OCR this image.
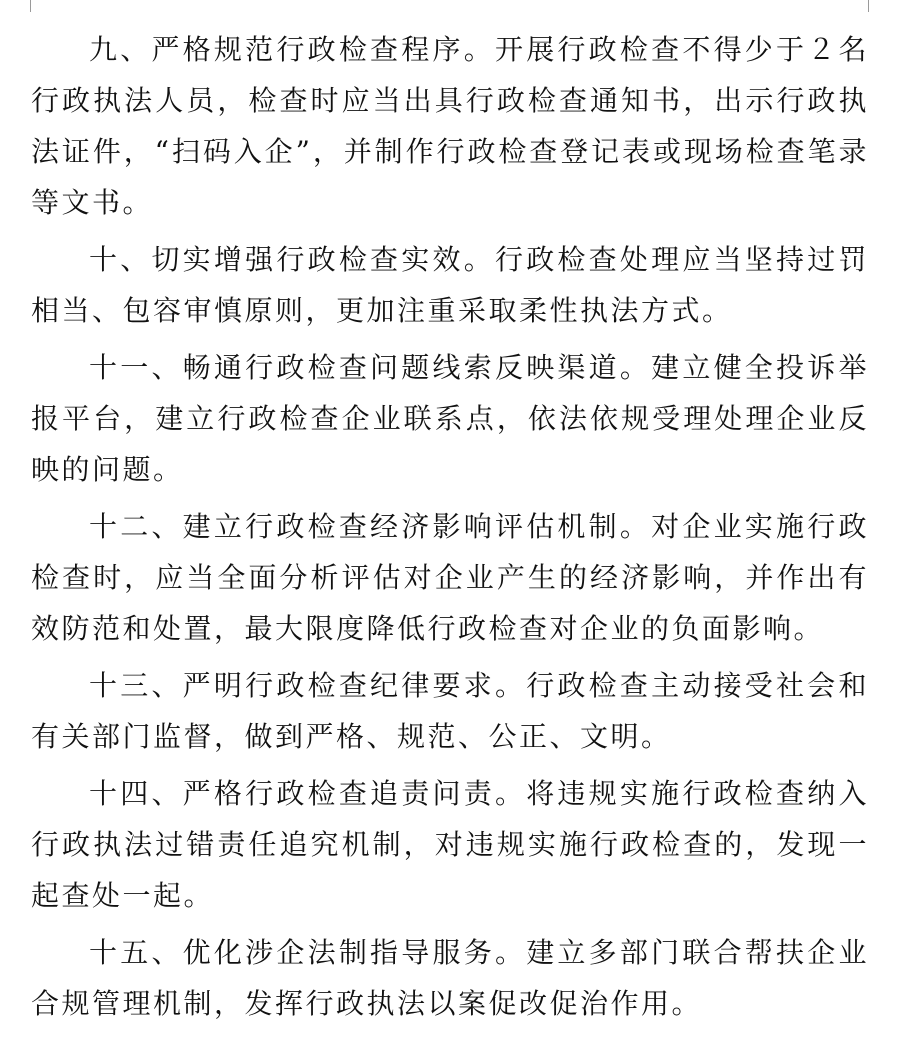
九、严格规范行政检查程序。开展行政检查不得少于２名行政执法人员，检查时应当出具行政检查通知书，出示行政执法证件，“扫码入企”，并制作行政检查登记表或现场检查笔录等文书。

十、切实增强行政检查实效。行政检查处理应当坚持过罚相当、包容审慎原则，更加注重采取柔性执法方式。

十一、畅通行政检查问题线索反映渠道。建立健全投诉举报平台，建立行政检查企业联系点，依法依规受理处理企业反映的问题。

十二、建立行政检查经济影响评估机制。对企业实施行政检查时，应当全面分析评估对企业产生的经济影响，并作出有效防范和处置，最大限度降低行政检查对企业的负面影响。

十三、严明行政检查纪律要求。行政检查主动接受社会和有关部门监督，做到严格、规范、公正、文明。

十四、严格行政检查追责问责。将违规实施行政检查纳入行政执法过错责任追究机制，对违规实施行政检查的，发现一起查处一起。

十五、优化涉企法制指导服务。建立多部门联合帮扶企业合规管理机制，发挥行政执法以案促改促治作用。
